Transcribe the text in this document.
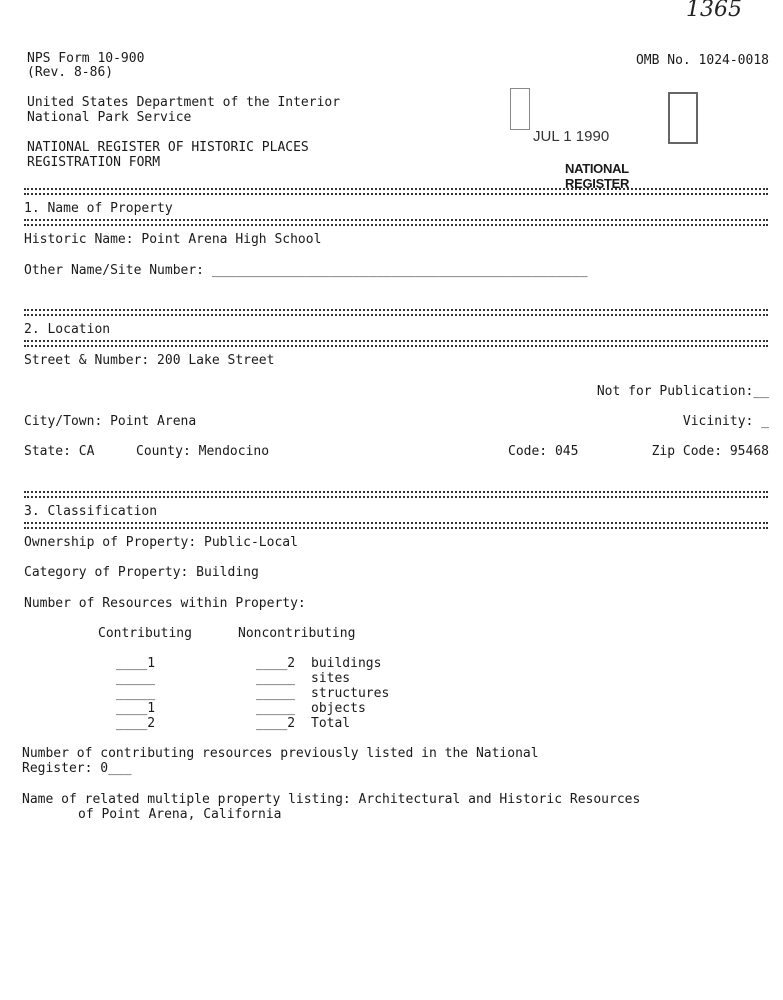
1365
NPS Form 10-900
(Rev. 8-86)
OMB No. 1024-0018
United States Department of the Interior
National Park Service
NATIONAL REGISTER OF HISTORIC PLACES
REGISTRATION FORM
JUL 1 1990
NATIONAL
REGISTER
1. Name of Property
Historic Name: Point Arena High School
Other Name/Site Number: ________________________________________________
2. Location
Street & Number: 200 Lake Street
Not for Publication:__
City/Town: Point Arena	Vicinity: _
State: CA	County: Mendocino	Code: 045	Zip Code: 95468
3. Classification
Ownership of Property: Public-Local
Category of Property: Building
Number of Resources within Property:
Contributing	Noncontributing
____1	____2 buildings
_____	_____ sites
_____	_____ structures
____1	_____ objects
____2	____2 Total
Number of contributing resources previously listed in the National
Register: 0___
Name of related multiple property listing: Architectural and Historic Resources
of Point Arena, California
